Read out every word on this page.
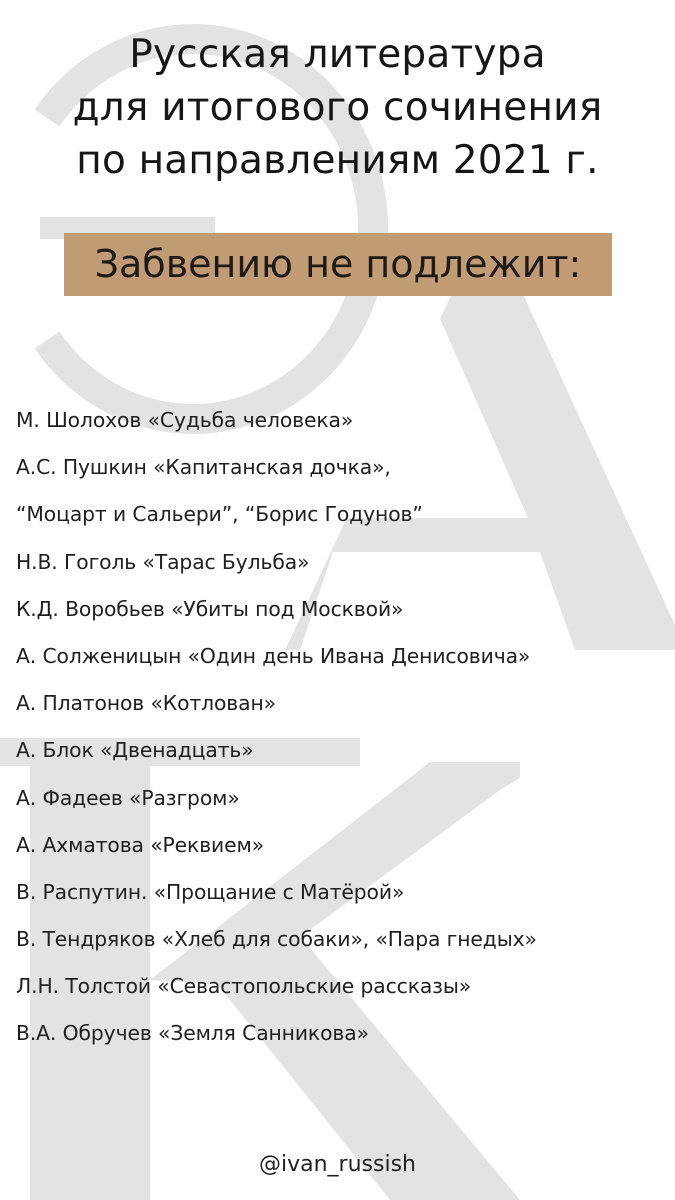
Русская литература
для итогового сочинения
по направлениям 2021 г.
Забвению не подлежит:
М. Шолохов «Судьба человека»
А.С. Пушкин «Капитанская дочка»,
“Моцарт и Сальери”, “Борис Годунов”
Н.В. Гоголь «Тарас Бульба»
К.Д. Воробьев «Убиты под Москвой»
А. Солженицын «Один день Ивана Денисовича»
А. Платонов «Котлован»
А. Блок «Двенадцать»
А. Фадеев «Разгром»
А. Ахматова «Реквием»
В. Распутин. «Прощание с Матёрой»
В. Тендряков «Хлеб для собаки», «Пара гнедых»
Л.Н. Толстой «Севастопольские рассказы»
В.А. Обручев «Земля Санникова»
@ivan_russish
